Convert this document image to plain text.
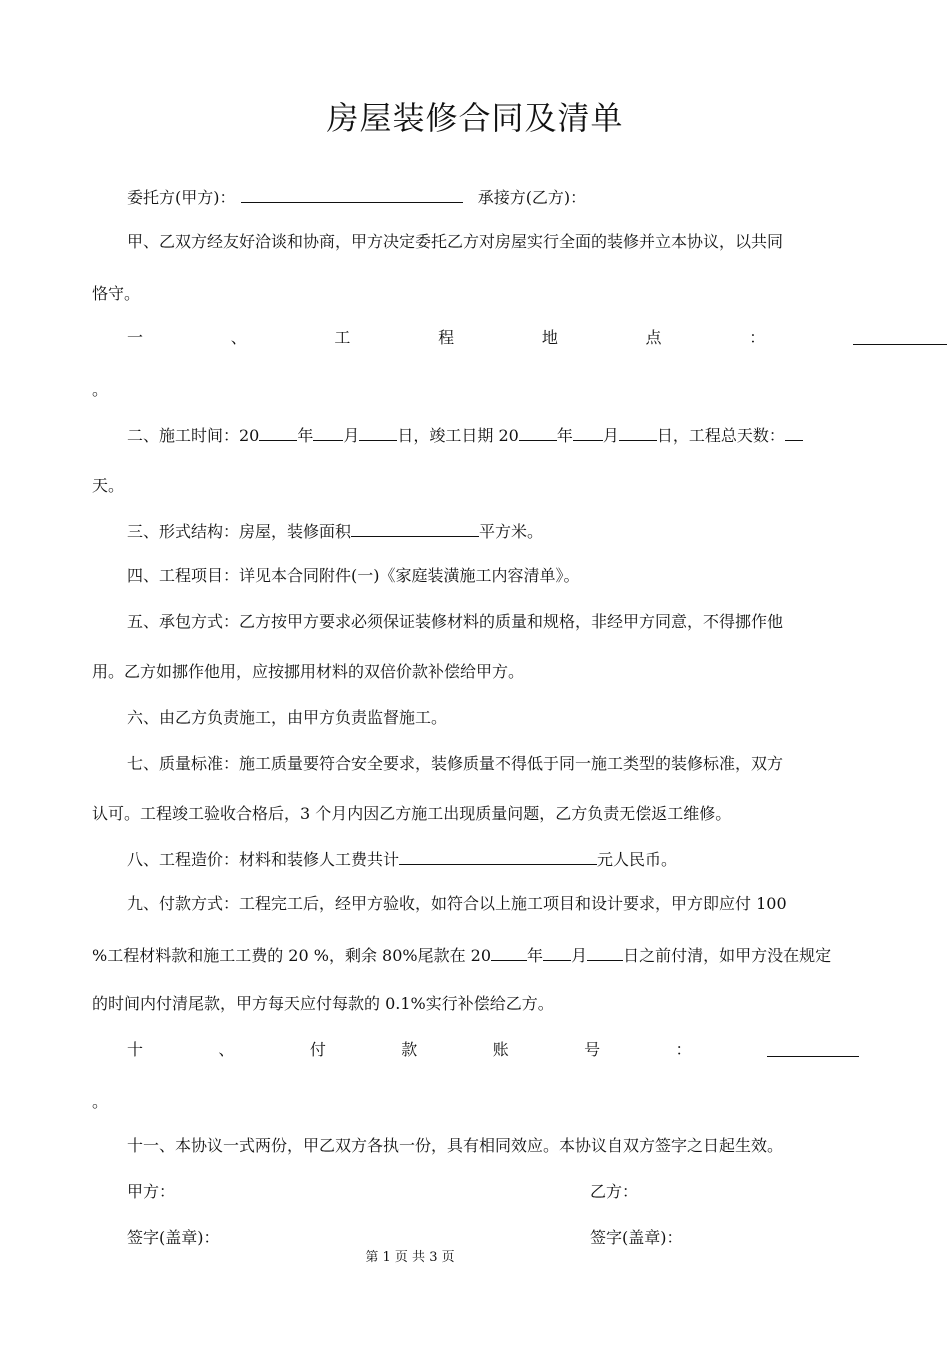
房屋装修合同及清单
委托方(甲方)：	承接方(乙方)：
甲、乙双方经友好洽谈和协商，甲方决定委托乙方对房屋实行全面的装修并立本协议，以共同
恪守。
一	、	工	程	地	点	：
。
二、施工时间：20 年 月 日，竣工日期 20 年 月 日，工程总天数：
天。
三、形式结构：房屋，装修面积	平方米。
四、工程项目：详见本合同附件(一)《家庭装潢施工内容清单》。
五、承包方式：乙方按甲方要求必须保证装修材料的质量和规格，非经甲方同意，不得挪作他
用。乙方如挪作他用，应按挪用材料的双倍价款补偿给甲方。
六、由乙方负责施工，由甲方负责监督施工。
七、质量标准：施工质量要符合安全要求，装修质量不得低于同一施工类型的装修标准，双方
认可。工程竣工验收合格后，3 个月内因乙方施工出现质量问题，乙方负责无偿返工维修。
八、工程造价：材料和装修人工费共计	元人民币。
九、付款方式：工程完工后，经甲方验收，如符合以上施工项目和设计要求，甲方即应付 100
%工程材料款和施工工费的 20 %，剩余 80%尾款在 20 年 月 日之前付清，如甲方没在规定
的时间内付清尾款，甲方每天应付每款的 0.1%实行补偿给乙方。
十	、	付	款	账	号	：
。
十一、本协议一式两份，甲乙双方各执一份，具有相同效应。本协议自双方签字之日起生效。
甲方：	乙方：
签字(盖章)：	签字(盖章)：
第 1 页 共 3 页
